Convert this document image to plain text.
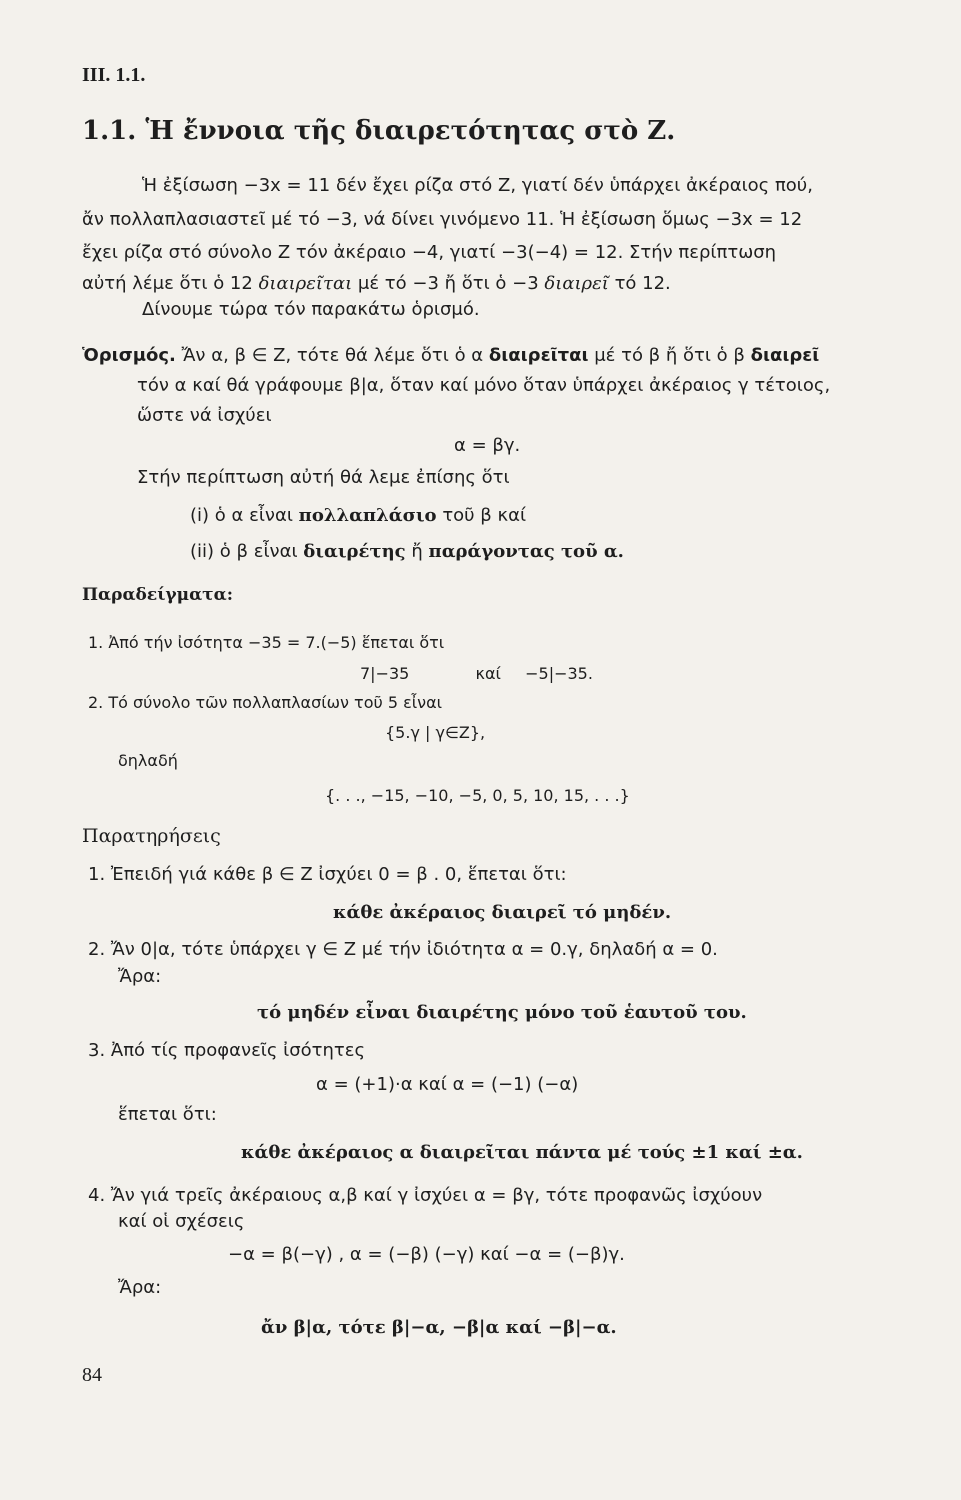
III. 1.1.
1.1. Ἡ ἔννοια τῆς διαιρετότητας στὸ Ζ.
Ἡ ἐξίσωση −3x = 11 δέν ἔχει ρίζα στό Ζ, γιατί δέν ὑπάρχει ἀκέραιος πού,
ἄν πολλαπλασιαστεῖ μέ τό −3, νά δίνει γινόμενο 11. Ἡ ἐξίσωση ὅμως −3x = 12
ἔχει ρίζα στό σύνολο Ζ τόν ἀκέραιο −4, γιατί −3(−4) = 12. Στήν περίπτωση
αὐτή λέμε ὅτι ὁ 12 διαιρεῖται μέ τό −3 ἤ ὅτι ὁ −3 διαιρεῖ τό 12.
Δίνουμε τώρα τόν παρακάτω ὁρισμό.
Ὁρισμός. Ἄν α, β ∈ Ζ, τότε θά λέμε ὅτι ὁ α διαιρεῖται μέ τό β ἤ ὅτι ὁ β διαιρεῖ
τόν α καί θά γράφουμε β|α, ὅταν καί μόνο ὅταν ὑπάρχει ἀκέραιος γ τέτοιος,
ὥστε νά ἰσχύει
α = βγ.
Στήν περίπτωση αὐτή θά λεμε ἐπίσης ὅτι
(i) ὁ α εἶναι πολλαπλάσιο τοῦ β καί
(ii) ὁ β εἶναι διαιρέτης ἤ παράγοντας τοῦ α.
Παραδείγματα:
1. Ἀπό τήν ἰσότητα −35 = 7.(−5) ἕπεται ὅτι
7|−35	καί −5|−35.
2. Τό σύνολο τῶν πολλαπλασίων τοῦ 5 εἶναι
{5.γ | γ∈Ζ},
δηλαδή
{. . ., −15, −10, −5, 0, 5, 10, 15, . . .}
Παρατηρήσεις
1. Ἐπειδή γιά κάθε β ∈ Ζ ἰσχύει 0 = β . 0, ἕπεται ὅτι:
κάθε ἀκέραιος διαιρεῖ τό μηδέν.
2. Ἄν 0|α, τότε ὑπάρχει γ ∈ Ζ μέ τήν ἰδιότητα α = 0.γ, δηλαδή α = 0.
Ἄρα:
τό μηδέν εἶναι διαιρέτης μόνο τοῦ ἑαυτοῦ του.
3. Ἀπό τίς προφανεῖς ἰσότητες
α = (+1)·α καί α = (−1) (−α)
ἕπεται ὅτι:
κάθε ἀκέραιος α διαιρεῖται πάντα μέ τούς ±1 καί ±α.
4. Ἄν γιά τρεῖς ἀκέραιους α,β καί γ ἰσχύει α = βγ, τότε προφανῶς ἰσχύουν
καί οἱ σχέσεις
−α = β(−γ) , α = (−β) (−γ) καί −α = (−β)γ.
Ἄρα:
ἄν β|α, τότε β|−α, −β|α καί −β|−α.
84
